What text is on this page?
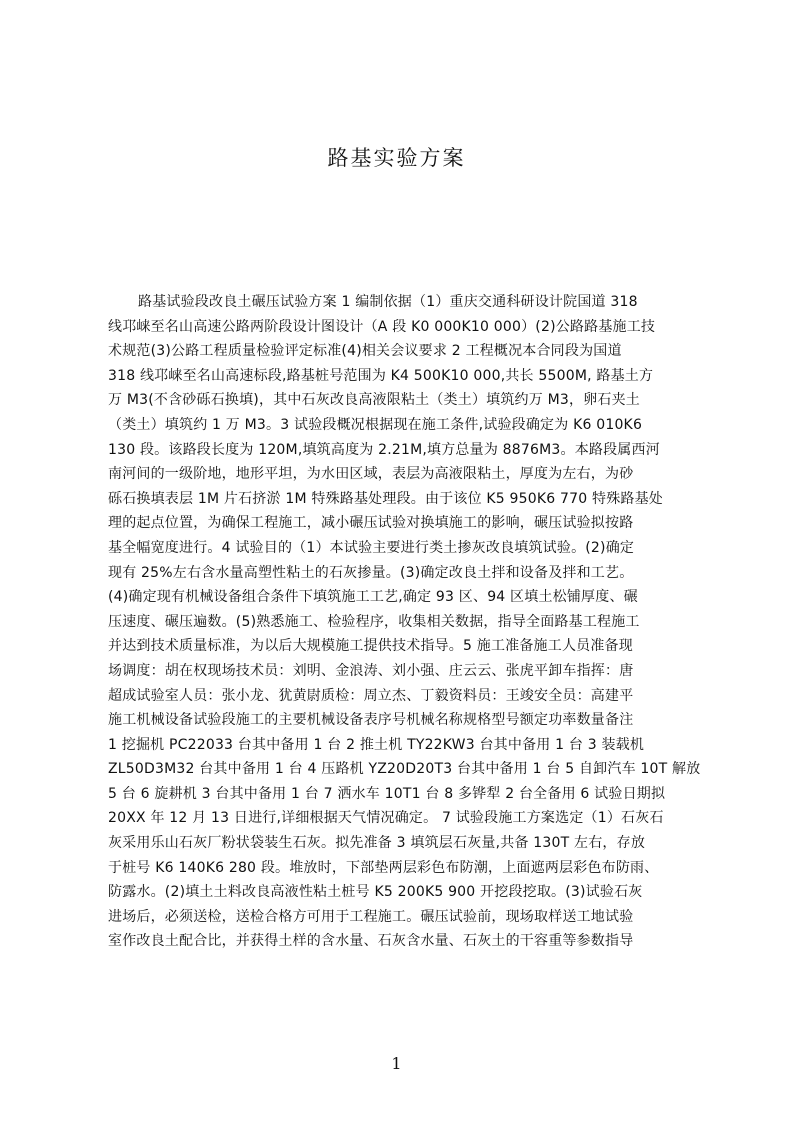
路基实验方案
路基试验段改良土碾压试验方案 1 编制依据（1）重庆交通科研设计院国道 318
线邛崃至名山高速公路两阶段设计图设计（A 段 K0 000K10 000）(2)公路路基施工技
术规范(3)公路工程质量检验评定标准(4)相关会议要求 2 工程概况本合同段为国道
318 线邛崃至名山高速标段,路基桩号范围为 K4 500K10 000,共长 5500M, 路基土方
万 M3(不含砂砾石换填)，其中石灰改良高液限粘土（类土）填筑约万 M3，卵石夹土
（类土）填筑约 1 万 M3。3 试验段概况根据现在施工条件,试验段确定为 K6 010K6
130 段。该路段长度为 120M,填筑高度为 2.21M,填方总量为 8876M3。本路段属西河
南河间的一级阶地，地形平坦，为水田区域，表层为高液限粘土，厚度为左右，为砂
砾石换填表层 1M 片石挤淤 1M 特殊路基处理段。由于该位 K5 950K6 770 特殊路基处
理的起点位置，为确保工程施工，减小碾压试验对换填施工的影响，碾压试验拟按路
基全幅宽度进行。4 试验目的（1）本试验主要进行类土掺灰改良填筑试验。(2)确定
现有 25%左右含水量高塑性粘土的石灰掺量。(3)确定改良土拌和设备及拌和工艺。
(4)确定现有机械设备组合条件下填筑施工工艺,确定 93 区、94 区填土松铺厚度、碾
压速度、碾压遍数。(5)熟悉施工、检验程序，收集相关数据，指导全面路基工程施工
并达到技术质量标准，为以后大规模施工提供技术指导。5 施工准备施工人员准备现
场调度：胡在权现场技术员：刘明、金浪涛、刘小强、庄云云、张虎平卸车指挥：唐
超成试验室人员：张小龙、犹黄尉质检：周立杰、丁毅资料员：王竣安全员：高建平
施工机械设备试验段施工的主要机械设备表序号机械名称规格型号额定功率数量备注
1 挖掘机 PC22033 台其中备用 1 台 2 推土机 TY22KW3 台其中备用 1 台 3 装载机
ZL50D3M32 台其中备用 1 台 4 压路机 YZ20D20T3 台其中备用 1 台 5 自卸汽车 10T 解放
5 台 6 旋耕机 3 台其中备用 1 台 7 洒水车 10T1 台 8 多铧犁 2 台全备用 6 试验日期拟
20XX 年 12 月 13 日进行,详细根据天气情况确定。 7 试验段施工方案选定（1）石灰石
灰采用乐山石灰厂粉状袋装生石灰。拟先准备 3 填筑层石灰量,共备 130T 左右，存放
于桩号 K6 140K6 280 段。堆放时，下部垫两层彩色布防潮，上面遮两层彩色布防雨、
防露水。(2)填土土料改良高液性粘土桩号 K5 200K5 900 开挖段挖取。(3)试验石灰
进场后，必须送检，送检合格方可用于工程施工。碾压试验前，现场取样送工地试验
室作改良土配合比，并获得土样的含水量、石灰含水量、石灰土的干容重等参数指导
1
